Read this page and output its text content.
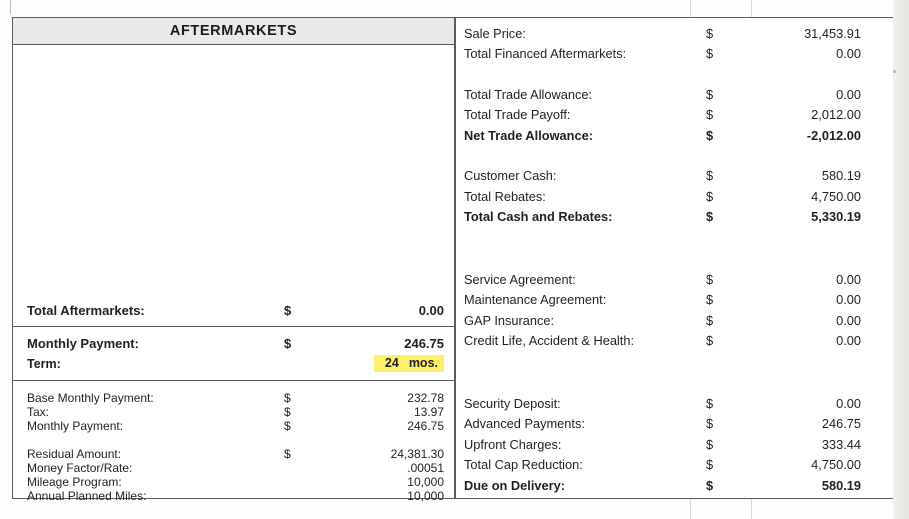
AFTERMARKETS
Total Aftermarkets:	$	0.00
Monthly Payment:	$	246.75
Term:	24 mos.
Base Monthly Payment:	$	232.78
Tax:	$	13.97
Monthly Payment:	$	246.75
Residual Amount:	$	24,381.30
Money Factor/Rate:	.00051
Mileage Program:	10,000
Annual Planned Miles:	10,000
Sale Price:	$	31,453.91
Total Financed Aftermarkets:	$	0.00
Total Trade Allowance:	$	0.00
Total Trade Payoff:	$	2,012.00
Net Trade Allowance:	$	-2,012.00
Customer Cash:	$	580.19
Total Rebates:	$	4,750.00
Total Cash and Rebates:	$	5,330.19
Service Agreement:	$	0.00
Maintenance Agreement:	$	0.00
GAP Insurance:	$	0.00
Credit Life, Accident & Health:	$	0.00
Security Deposit:	$	0.00
Advanced Payments:	$	246.75
Upfront Charges:	$	333.44
Total Cap Reduction:	$	4,750.00
Due on Delivery:	$	580.19
